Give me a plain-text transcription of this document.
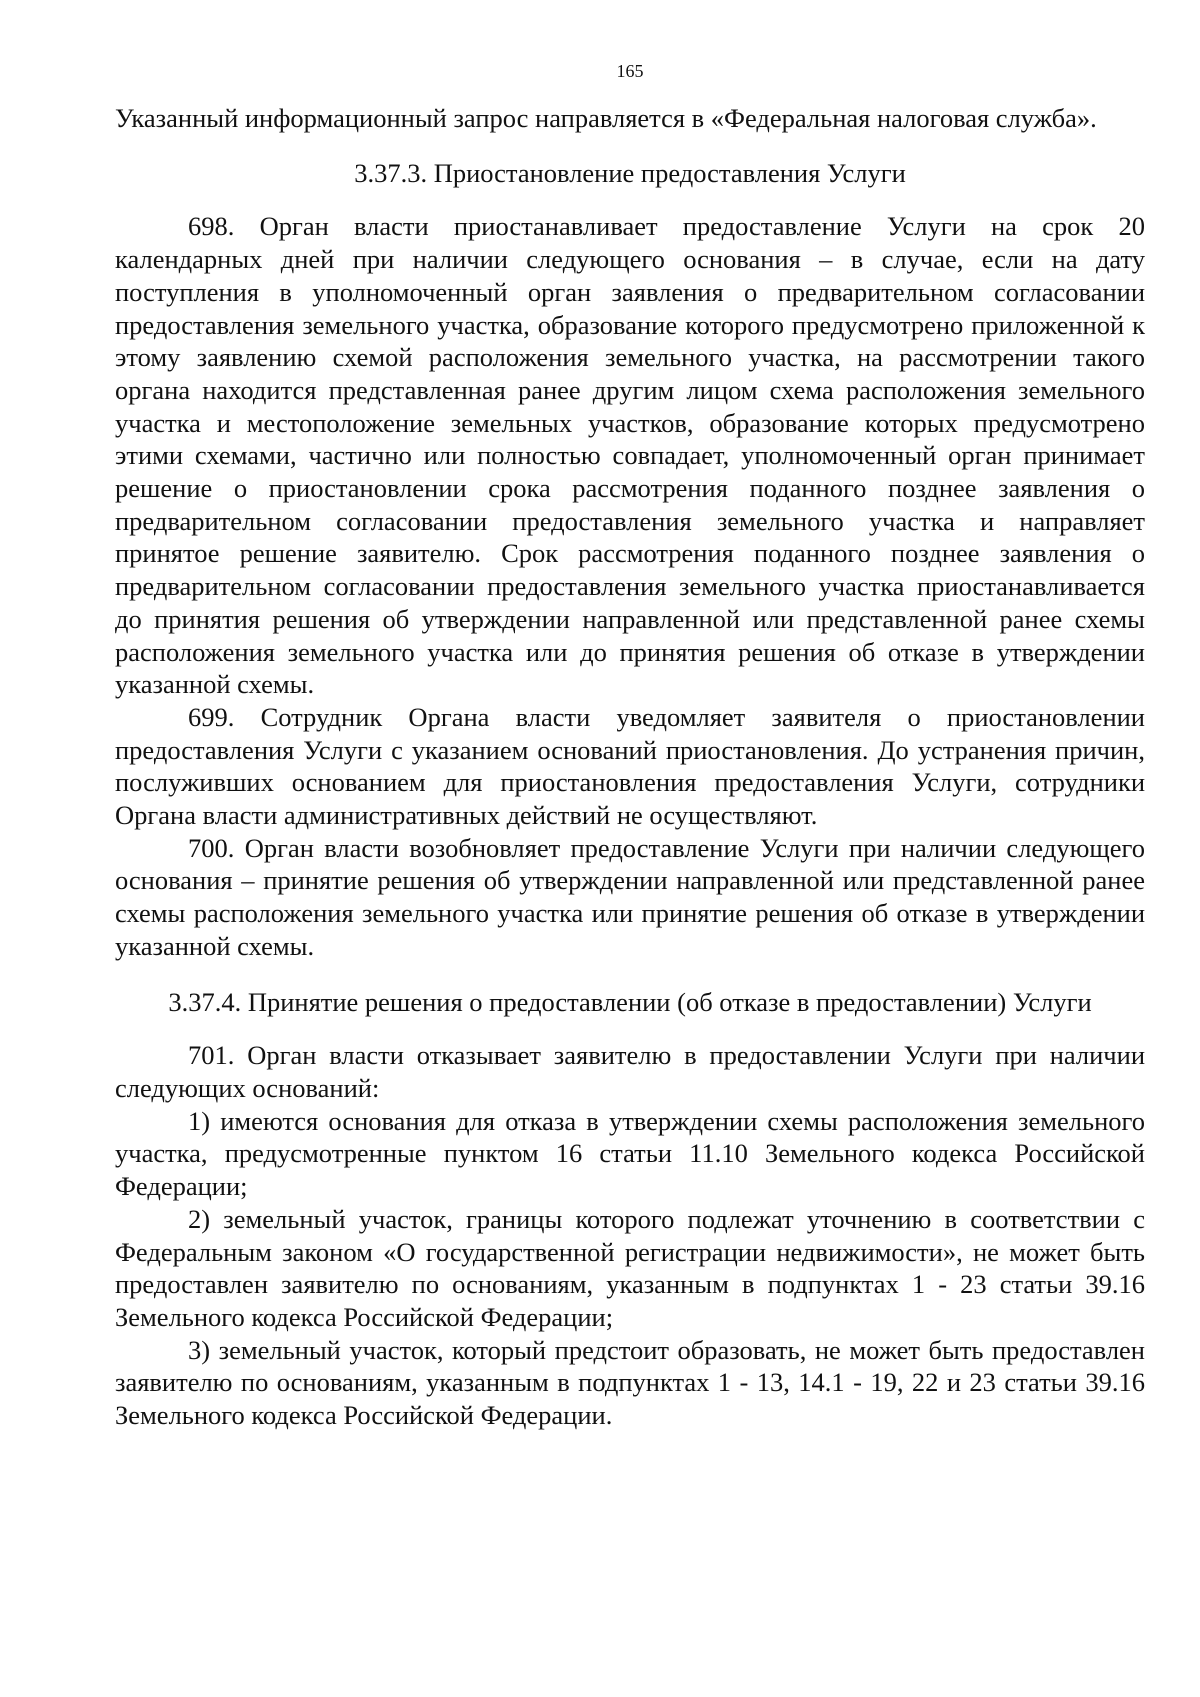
165

Указанный информационный запрос направляется в «Федеральная налоговая служба».

3.37.3. Приостановление предоставления Услуги

698. Орган власти приостанавливает предоставление Услуги на срок 20 календарных дней при наличии следующего основания – в случае, если на дату поступления в уполномоченный орган заявления о предварительном согласовании предоставления земельного участка, образование которого предусмотрено приложенной к этому заявлению схемой расположения земельного участка, на рассмотрении такого органа находится представленная ранее другим лицом схема расположения земельного участка и местоположение земельных участков, образование которых предусмотрено этими схемами, частично или полностью совпадает, уполномоченный орган принимает решение о приостановлении срока рассмотрения поданного позднее заявления о предварительном согласовании предоставления земельного участка и направляет принятое решение заявителю. Срок рассмотрения поданного позднее заявления о предварительном согласовании предоставления земельного участка приостанавливается до принятия решения об утверждении направленной или представленной ранее схемы расположения земельного участка или до принятия решения об отказе в утверждении указанной схемы.

699. Сотрудник Органа власти уведомляет заявителя о приостановлении предоставления Услуги с указанием оснований приостановления. До устранения причин, послуживших основанием для приостановления предоставления Услуги, сотрудники Органа власти административных действий не осуществляют.

700. Орган власти возобновляет предоставление Услуги при наличии следующего основания – принятие решения об утверждении направленной или представленной ранее схемы расположения земельного участка или принятие решения об отказе в утверждении указанной схемы.

3.37.4. Принятие решения о предоставлении (об отказе в предоставлении) Услуги

701. Орган власти отказывает заявителю в предоставлении Услуги при наличии следующих оснований:

1) имеются основания для отказа в утверждении схемы расположения земельного участка, предусмотренные пунктом 16 статьи 11.10 Земельного кодекса Российской Федерации;

2) земельный участок, границы которого подлежат уточнению в соответствии с Федеральным законом «О государственной регистрации недвижимости», не может быть предоставлен заявителю по основаниям, указанным в подпунктах 1 - 23 статьи 39.16 Земельного кодекса Российской Федерации;

3) земельный участок, который предстоит образовать, не может быть предоставлен заявителю по основаниям, указанным в подпунктах 1 - 13, 14.1 - 19, 22 и 23 статьи 39.16 Земельного кодекса Российской Федерации.
